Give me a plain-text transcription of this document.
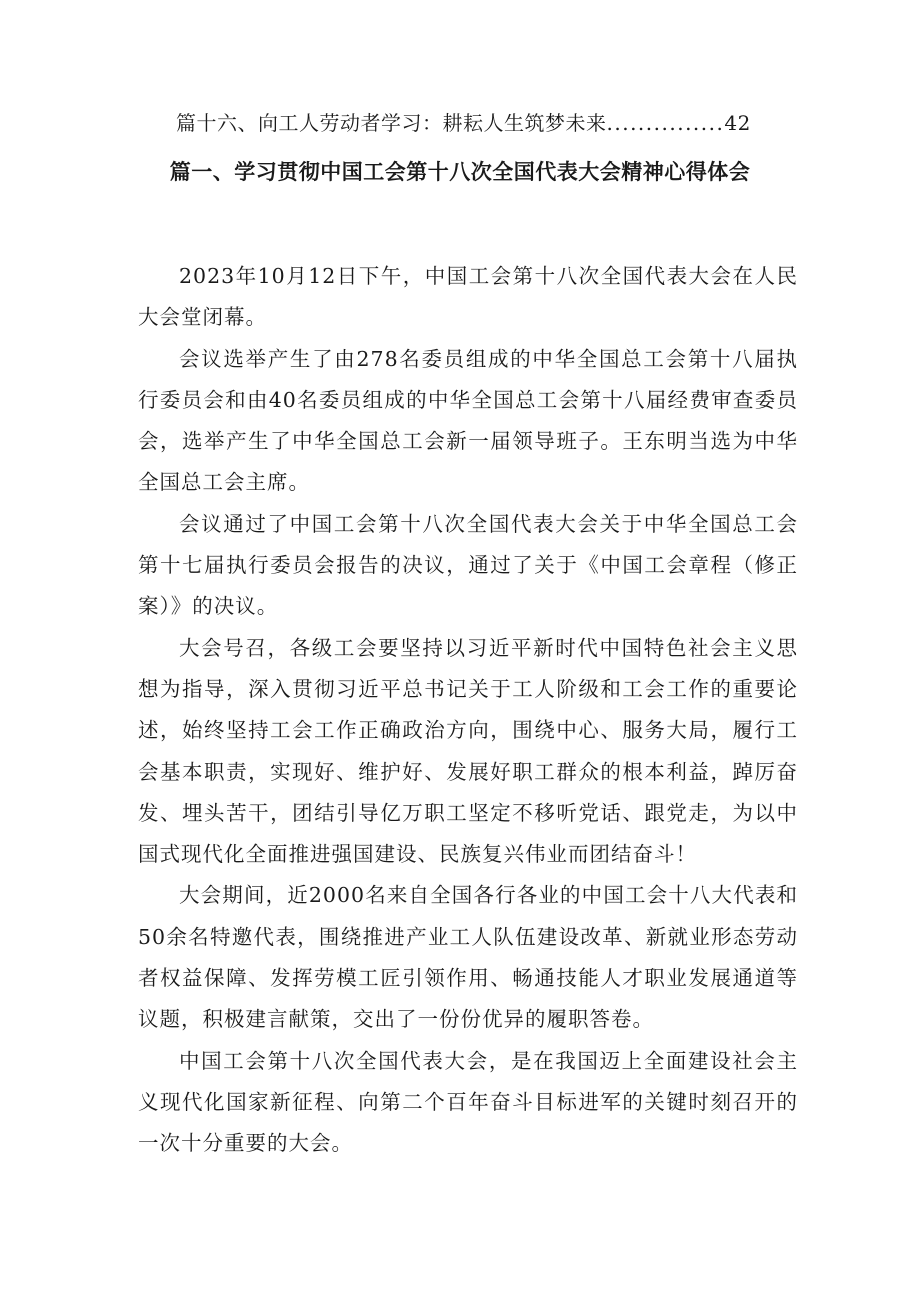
篇十六、向工人劳动者学习：耕耘人生筑梦未来...............42
篇一、学习贯彻中国工会第十八次全国代表大会精神心得体会

2023年10月12日下午，中国工会第十八次全国代表大会在人民大会堂闭幕。

会议选举产生了由278名委员组成的中华全国总工会第十八届执行委员会和由40名委员组成的中华全国总工会第十八届经费审查委员会，选举产生了中华全国总工会新一届领导班子。王东明当选为中华全国总工会主席。

会议通过了中国工会第十八次全国代表大会关于中华全国总工会第十七届执行委员会报告的决议，通过了关于《中国工会章程（修正案）》的决议。

大会号召，各级工会要坚持以习近平新时代中国特色社会主义思想为指导，深入贯彻习近平总书记关于工人阶级和工会工作的重要论述，始终坚持工会工作正确政治方向，围绕中心、服务大局，履行工会基本职责，实现好、维护好、发展好职工群众的根本利益，踔厉奋发、埋头苦干，团结引导亿万职工坚定不移听党话、跟党走，为以中国式现代化全面推进强国建设、民族复兴伟业而团结奋斗！

大会期间，近2000名来自全国各行各业的中国工会十八大代表和50余名特邀代表，围绕推进产业工人队伍建设改革、新就业形态劳动者权益保障、发挥劳模工匠引领作用、畅通技能人才职业发展通道等议题，积极建言献策，交出了一份份优异的履职答卷。

中国工会第十八次全国代表大会，是在我国迈上全面建设社会主义现代化国家新征程、向第二个百年奋斗目标进军的关键时刻召开的一次十分重要的大会。
